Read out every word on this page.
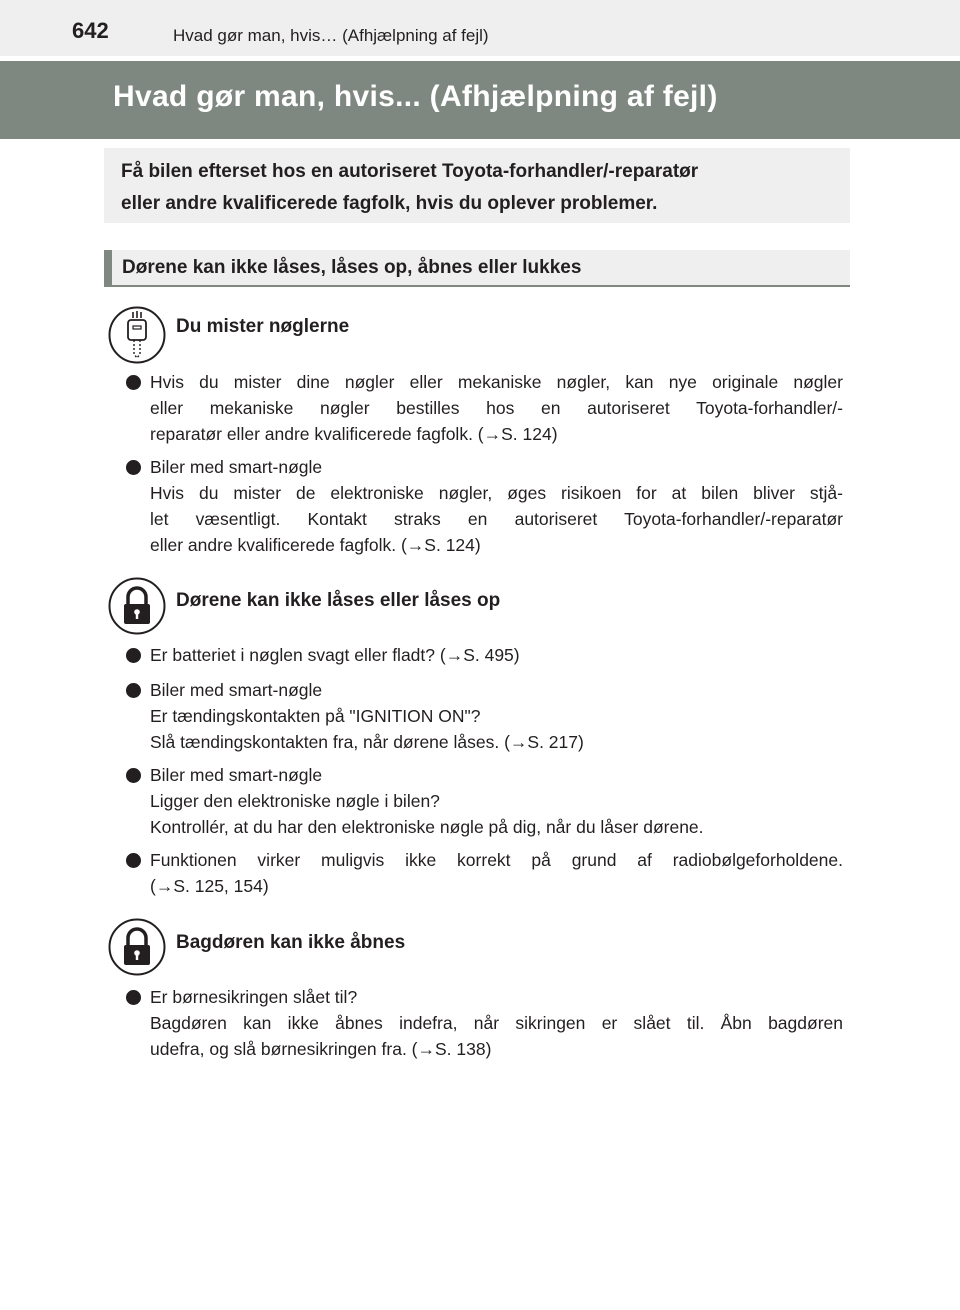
642	Hvad gør man, hvis… (Afhjælpning af fejl)
Hvad gør man, hvis... (Afhjælpning af fejl)
Få bilen efterset hos en autoriseret Toyota-forhandler/-reparatør
eller andre kvalificerede fagfolk, hvis du oplever problemer.
Dørene kan ikke låses, låses op, åbnes eller lukkes
Du mister nøglerne
Hvis du mister dine nøgler eller mekaniske nøgler, kan nye originale nøgler
eller mekaniske nøgler bestilles hos en autoriseret Toyota-forhandler/-
reparatør eller andre kvalificerede fagfolk. (→S. 124)
Biler med smart-nøgle
Hvis du mister de elektroniske nøgler, øges risikoen for at bilen bliver stjå-
let væsentligt. Kontakt straks en autoriseret Toyota-forhandler/-reparatør
eller andre kvalificerede fagfolk. (→S. 124)
Dørene kan ikke låses eller låses op
Er batteriet i nøglen svagt eller fladt? (→S. 495)
Biler med smart-nøgle
Er tændingskontakten på "IGNITION ON"?
Slå tændingskontakten fra, når dørene låses. (→S. 217)
Biler med smart-nøgle
Ligger den elektroniske nøgle i bilen?
Kontrollér, at du har den elektroniske nøgle på dig, når du låser dørene.
Funktionen virker muligvis ikke korrekt på grund af radiobølgeforholdene.
(→S. 125, 154)
Bagdøren kan ikke åbnes
Er børnesikringen slået til?
Bagdøren kan ikke åbnes indefra, når sikringen er slået til. Åbn bagdøren
udefra, og slå børnesikringen fra. (→S. 138)
